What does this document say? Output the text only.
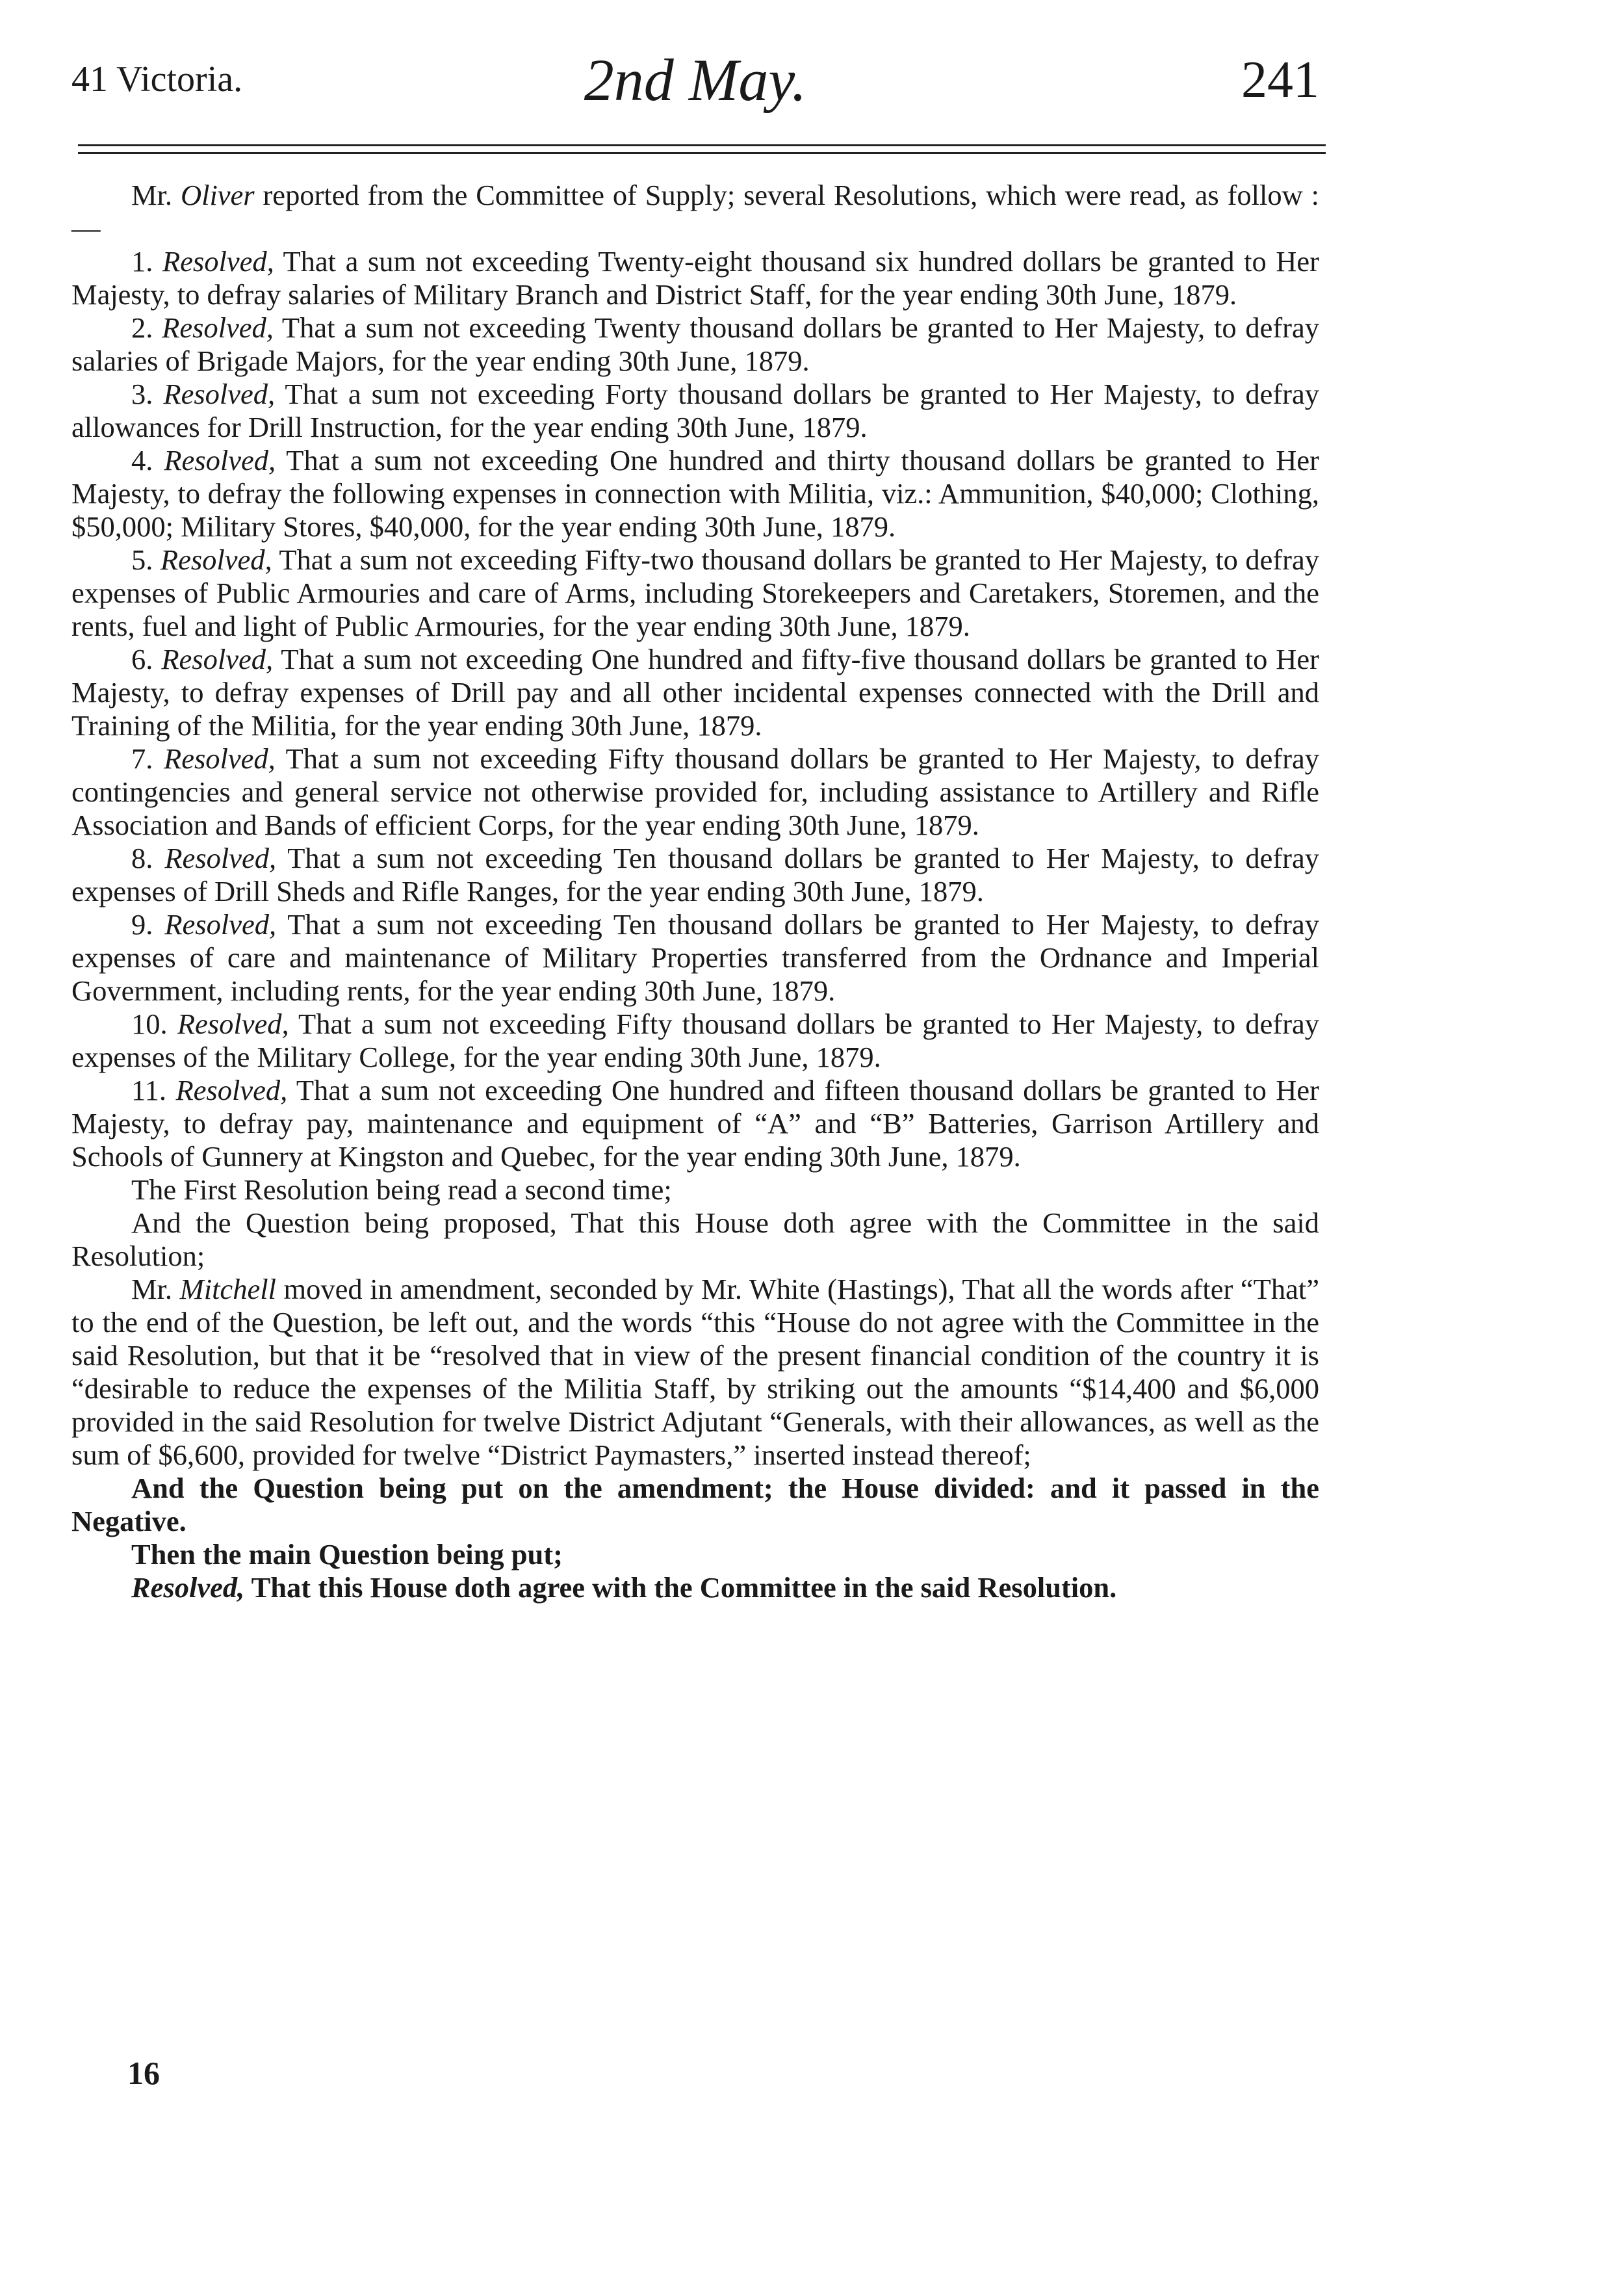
41 Victoria.	2nd May.	241

Mr. Oliver reported from the Committee of Supply; several Resolutions, which were read, as follow :—

1. Resolved, That a sum not exceeding Twenty-eight thousand six hundred dollars be granted to Her Majesty, to defray salaries of Military Branch and District Staff, for the year ending 30th June, 1879.

2. Resolved, That a sum not exceeding Twenty thousand dollars be granted to Her Majesty, to defray salaries of Brigade Majors, for the year ending 30th June, 1879.

3. Resolved, That a sum not exceeding Forty thousand dollars be granted to Her Majesty, to defray allowances for Drill Instruction, for the year ending 30th June, 1879.

4. Resolved, That a sum not exceeding One hundred and thirty thousand dollars be granted to Her Majesty, to defray the following expenses in connection with Militia, viz.: Ammunition, $40,000; Clothing, $50,000; Military Stores, $40,000, for the year ending 30th June, 1879.

5. Resolved, That a sum not exceeding Fifty-two thousand dollars be granted to Her Majesty, to defray expenses of Public Armouries and care of Arms, including Storekeepers and Caretakers, Storemen, and the rents, fuel and light of Public Armouries, for the year ending 30th June, 1879.

6. Resolved, That a sum not exceeding One hundred and fifty-five thousand dollars be granted to Her Majesty, to defray expenses of Drill pay and all other incidental expenses connected with the Drill and Training of the Militia, for the year ending 30th June, 1879.

7. Resolved, That a sum not exceeding Fifty thousand dollars be granted to Her Majesty, to defray contingencies and general service not otherwise provided for, including assistance to Artillery and Rifle Association and Bands of efficient Corps, for the year ending 30th June, 1879.

8. Resolved, That a sum not exceeding Ten thousand dollars be granted to Her Majesty, to defray expenses of Drill Sheds and Rifle Ranges, for the year ending 30th June, 1879.

9. Resolved, That a sum not exceeding Ten thousand dollars be granted to Her Majesty, to defray expenses of care and maintenance of Military Properties transferred from the Ordnance and Imperial Government, including rents, for the year ending 30th June, 1879.

10. Resolved, That a sum not exceeding Fifty thousand dollars be granted to Her Majesty, to defray expenses of the Military College, for the year ending 30th June, 1879.

11. Resolved, That a sum not exceeding One hundred and fifteen thousand dollars be granted to Her Majesty, to defray pay, maintenance and equipment of “A” and “B” Batteries, Garrison Artillery and Schools of Gunnery at Kingston and Quebec, for the year ending 30th June, 1879.

The First Resolution being read a second time;

And the Question being proposed, That this House doth agree with the Committee in the said Resolution;

Mr. Mitchell moved in amendment, seconded by Mr. White (Hastings), That all the words after “That” to the end of the Question, be left out, and the words “this “House do not agree with the Committee in the said Resolution, but that it be “resolved that in view of the present financial condition of the country it is “desirable to reduce the expenses of the Militia Staff, by striking out the amounts “$14,400 and $6,000 provided in the said Resolution for twelve District Adjutant “Generals, with their allowances, as well as the sum of $6,600, provided for twelve “District Paymasters,” inserted instead thereof;

And the Question being put on the amendment; the House divided: and it passed in the Negative.

Then the main Question being put;

Resolved, That this House doth agree with the Committee in the said Resolution.

16
